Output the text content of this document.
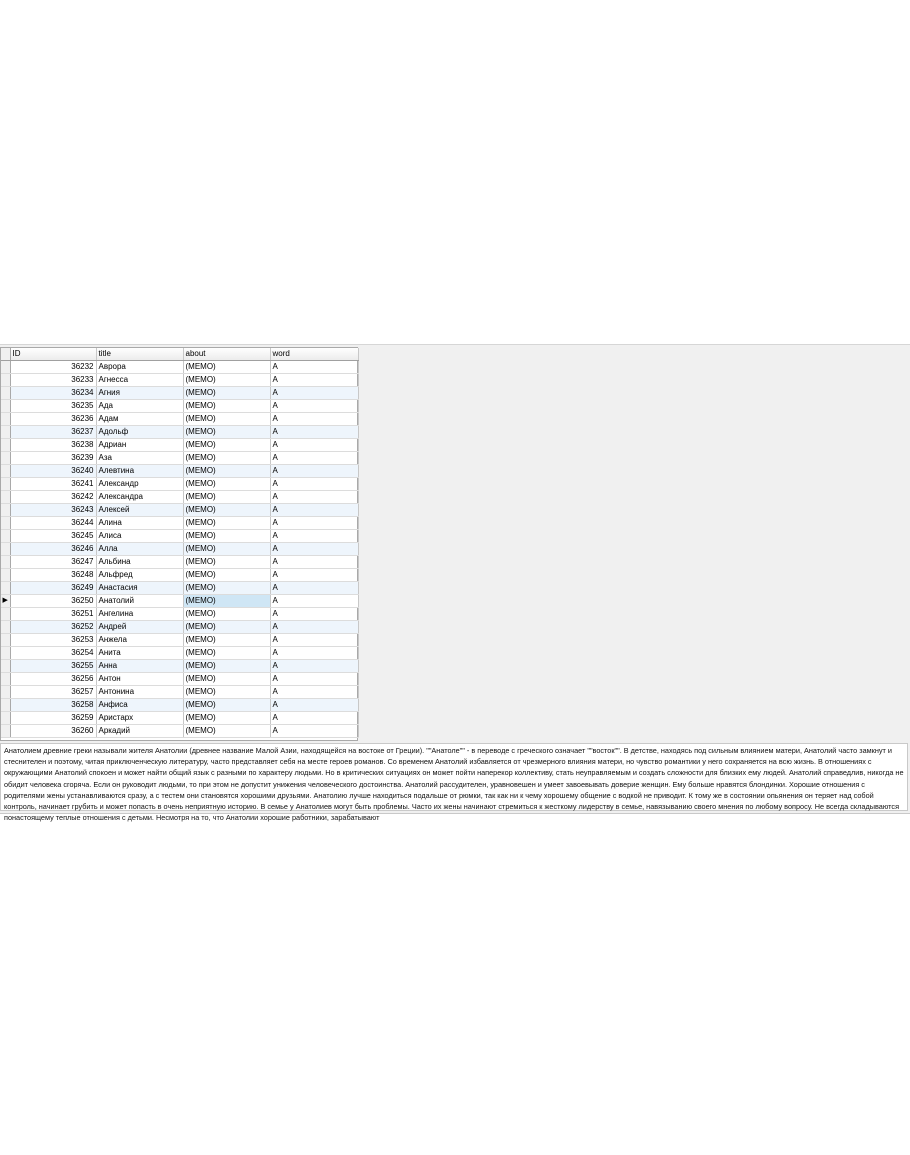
	ID	title	about	word
	36232	Аврора	(MEMO)	A
	36233	Агнесса	(MEMO)	A
	36234	Агния	(MEMO)	A
	36235	Ада	(MEMO)	A
	36236	Адам	(MEMO)	A
	36237	Адольф	(MEMO)	A
	36238	Адриан	(MEMO)	A
	36239	Аза	(MEMO)	A
	36240	Алевтина	(MEMO)	A
	36241	Александр	(MEMO)	A
	36242	Александра	(MEMO)	A
	36243	Алексей	(MEMO)	A
	36244	Алина	(MEMO)	A
	36245	Алиса	(MEMO)	A
	36246	Алла	(MEMO)	A
	36247	Альбина	(MEMO)	A
	36248	Альфред	(MEMO)	A
	36249	Анастасия	(MEMO)	A
▶	36250	Анатолий	(MEMO)	A
	36251	Ангелина	(MEMO)	A
	36252	Андрей	(MEMO)	A
	36253	Анжела	(MEMO)	A
	36254	Анита	(MEMO)	A
	36255	Анна	(MEMO)	A
	36256	Антон	(MEMO)	A
	36257	Антонина	(MEMO)	A
	36258	Анфиса	(MEMO)	A
	36259	Аристарх	(MEMO)	A
	36260	Аркадий	(MEMO)	A
Анатолием древние греки называли жителя Анатолии (древнее название Малой Азии, находящейся на востоке от Греции). ""Анатоле"" - в переводе с греческого означает ""восток"". В детстве, находясь под сильным влиянием матери, Анатолий часто замкнут и стеснителен и поэтому, читая приключенческую литературу, часто представляет себя на месте героев романов. Со временем Анатолий избавляется от чрезмерного влияния матери, но чувство романтики у него сохраняется на всю жизнь. В отношениях с окружающими Анатолий спокоен и может найти общий язык с разными по характеру людьми. Но в критических ситуациях он может пойти наперекор коллективу, стать неуправляемым и создать сложности для близких ему людей. Анатолий справедлив, никогда не обидит человека сгоряча. Если он руководит людьми, то при этом не допустит унижения человеческого достоинства. Анатолий рассудителен, уравновешен и умеет завоевывать доверие женщин. Ему больше нравятся блондинки. Хорошие отношения с родителями жены устанавливаются сразу, а с тестем они становятся хорошими друзьями. Анатолию лучше находиться подальше от рюмки, так как ни к чему хорошему общение с водкой не приводит. К тому же в состоянии опьянения он теряет над собой контроль, начинает грубить и может попасть в очень неприятную историю. В семье у Анатолиев могут быть проблемы. Часто их жены начинают стремиться к жесткому лидерству в семье, навязыванию своего мнения по любому вопросу. Не всегда складываются понастоящему теплые отношения с детьми. Несмотря на то, что Анатолии хорошие работники, зарабатывают
